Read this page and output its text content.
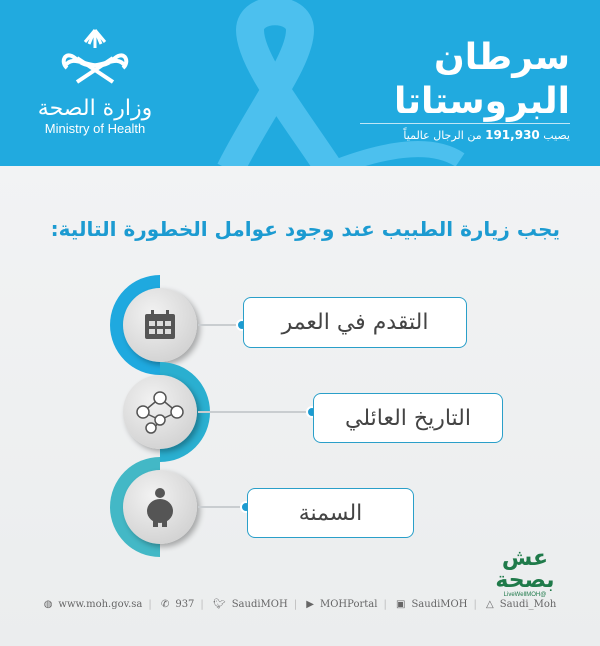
وزارة الصحة
Ministry of Health
سرطان
البروستاتا
يصيب 191,930 من الرجال عالمياً
يجب زيارة الطبيب عند وجود عوامل الخطورة التالية:
التقدم في العمر
التاريخ العائلي
السمنة
عش بصحة
@LiveWellMOH
◍ www.moh.gov.sa | ✆ 937 | 🐦︎ SaudiMOH | ▶ MOHPortal | ▣ SaudiMOH | △ Saudi_Moh
